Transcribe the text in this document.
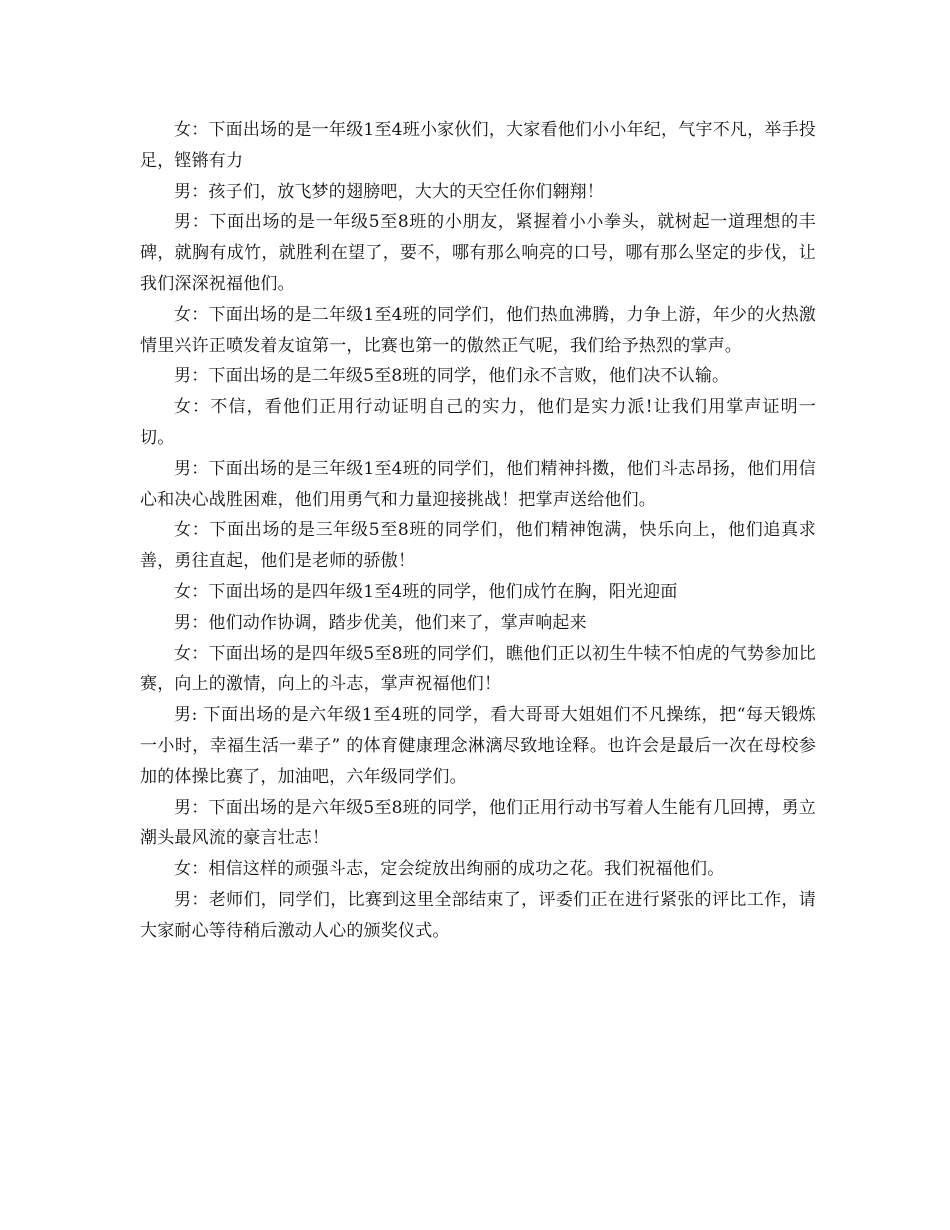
女：下面出场的是一年级1至4班小家伙们，大家看他们小小年纪，气宇不凡，举手投足，铿锵有力

男：孩子们，放飞梦的翅膀吧，大大的天空任你们翱翔！

男：下面出场的是一年级5至8班的小朋友，紧握着小小拳头，就树起一道理想的丰碑，就胸有成竹，就胜利在望了，要不，哪有那么响亮的口号，哪有那么坚定的步伐，让我们深深祝福他们。

女：下面出场的是二年级1至4班的同学们，他们热血沸腾，力争上游，年少的火热激情里兴许正喷发着友谊第一，比赛也第一的傲然正气呢，我们给予热烈的掌声。

男：下面出场的是二年级5至8班的同学，他们永不言败，他们决不认输。

女：不信，看他们正用行动证明自己的实力，他们是实力派!让我们用掌声证明一切。

男：下面出场的是三年级1至4班的同学们，他们精神抖擞，他们斗志昂扬，他们用信心和决心战胜困难，他们用勇气和力量迎接挑战！把掌声送给他们。

女：下面出场的是三年级5至8班的同学们，他们精神饱满，快乐向上，他们追真求善，勇往直起，他们是老师的骄傲！

女：下面出场的是四年级1至4班的同学，他们成竹在胸，阳光迎面

男：他们动作协调，踏步优美，他们来了，掌声响起来

女：下面出场的是四年级5至8班的同学们，瞧他们正以初生牛犊不怕虎的气势参加比赛，向上的激情，向上的斗志，掌声祝福他们！

男: 下面出场的是六年级1至4班的同学，看大哥哥大姐姐们不凡操练，把“每天锻炼一小时，幸福生活一辈子” 的体育健康理念淋漓尽致地诠释。也许会是最后一次在母校参加的体操比赛了，加油吧，六年级同学们。

男：下面出场的是六年级5至8班的同学，他们正用行动书写着人生能有几回搏，勇立潮头最风流的豪言壮志！

女：相信这样的顽强斗志，定会绽放出绚丽的成功之花。我们祝福他们。

男：老师们，同学们，比赛到这里全部结束了，评委们正在进行紧张的评比工作，请大家耐心等待稍后激动人心的颁奖仪式。
